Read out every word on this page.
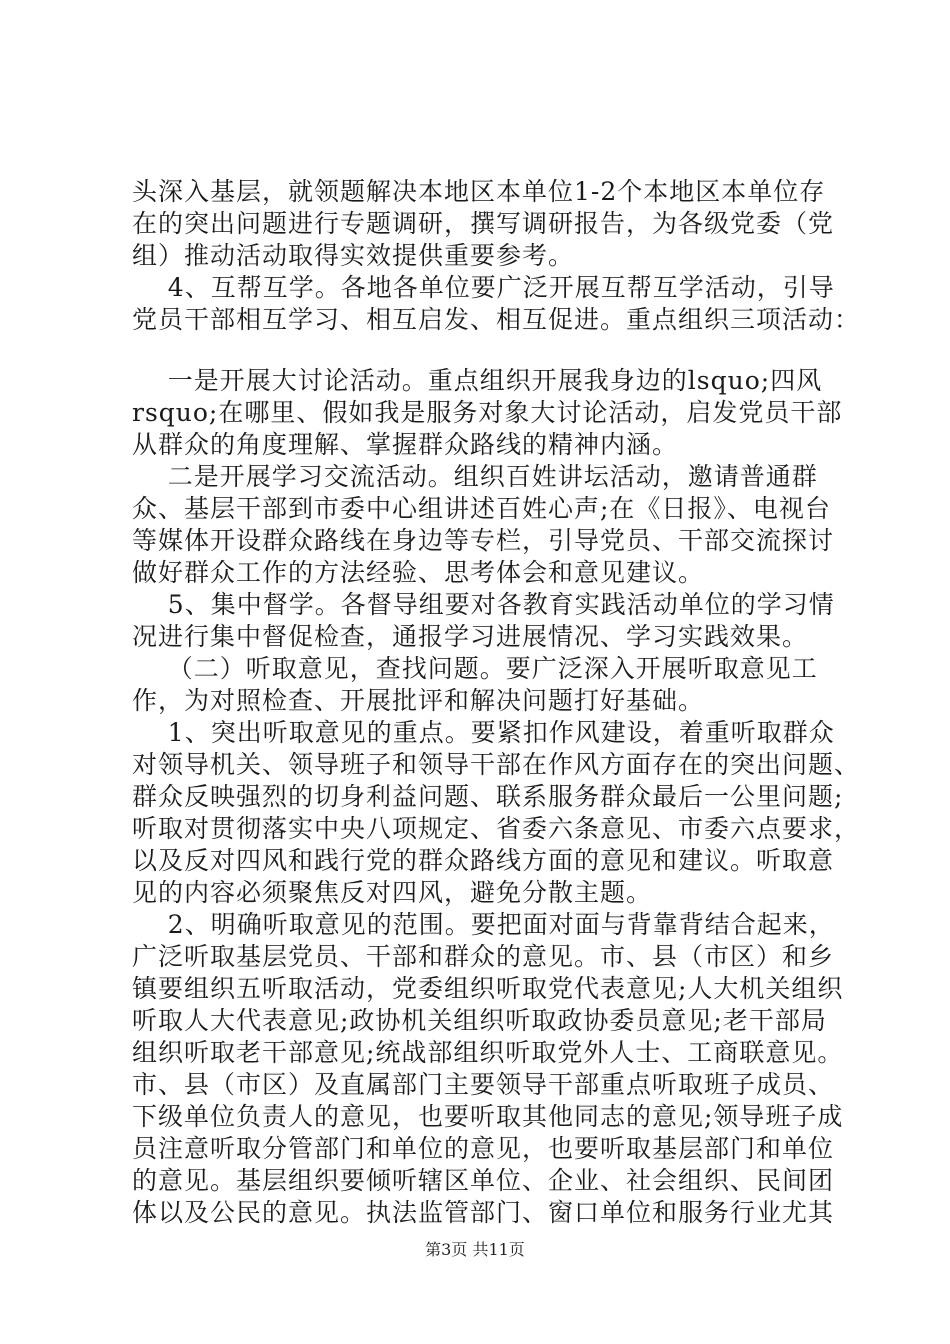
头深入基层，就领题解决本地区本单位1-2个本地区本单位存
在的突出问题进行专题调研，撰写调研报告，为各级党委（党
组）推动活动取得实效提供重要参考。
4、互帮互学。各地各单位要广泛开展互帮互学活动，引导
党员干部相互学习、相互启发、相互促进。重点组织三项活动：
一是开展大讨论活动。重点组织开展我身边的lsquo;四风
rsquo;在哪里、假如我是服务对象大讨论活动，启发党员干部
从群众的角度理解、掌握群众路线的精神内涵。
二是开展学习交流活动。组织百姓讲坛活动，邀请普通群
众、基层干部到市委中心组讲述百姓心声;在《日报》、电视台
等媒体开设群众路线在身边等专栏，引导党员、干部交流探讨
做好群众工作的方法经验、思考体会和意见建议。
5、集中督学。各督导组要对各教育实践活动单位的学习情
况进行集中督促检查，通报学习进展情况、学习实践效果。
（二）听取意见，查找问题。要广泛深入开展听取意见工
作，为对照检查、开展批评和解决问题打好基础。
1、突出听取意见的重点。要紧扣作风建设，着重听取群众
对领导机关、领导班子和领导干部在作风方面存在的突出问题、
群众反映强烈的切身利益问题、联系服务群众最后一公里问题;
听取对贯彻落实中央八项规定、省委六条意见、市委六点要求，
以及反对四风和践行党的群众路线方面的意见和建议。听取意
见的内容必须聚焦反对四风，避免分散主题。
2、明确听取意见的范围。要把面对面与背靠背结合起来，
广泛听取基层党员、干部和群众的意见。市、县（市区）和乡
镇要组织五听取活动，党委组织听取党代表意见;人大机关组织
听取人大代表意见;政协机关组织听取政协委员意见;老干部局
组织听取老干部意见;统战部组织听取党外人士、工商联意见。
市、县（市区）及直属部门主要领导干部重点听取班子成员、
下级单位负责人的意见，也要听取其他同志的意见;领导班子成
员注意听取分管部门和单位的意见，也要听取基层部门和单位
的意见。基层组织要倾听辖区单位、企业、社会组织、民间团
体以及公民的意见。执法监管部门、窗口单位和服务行业尤其
第3页 共11页
